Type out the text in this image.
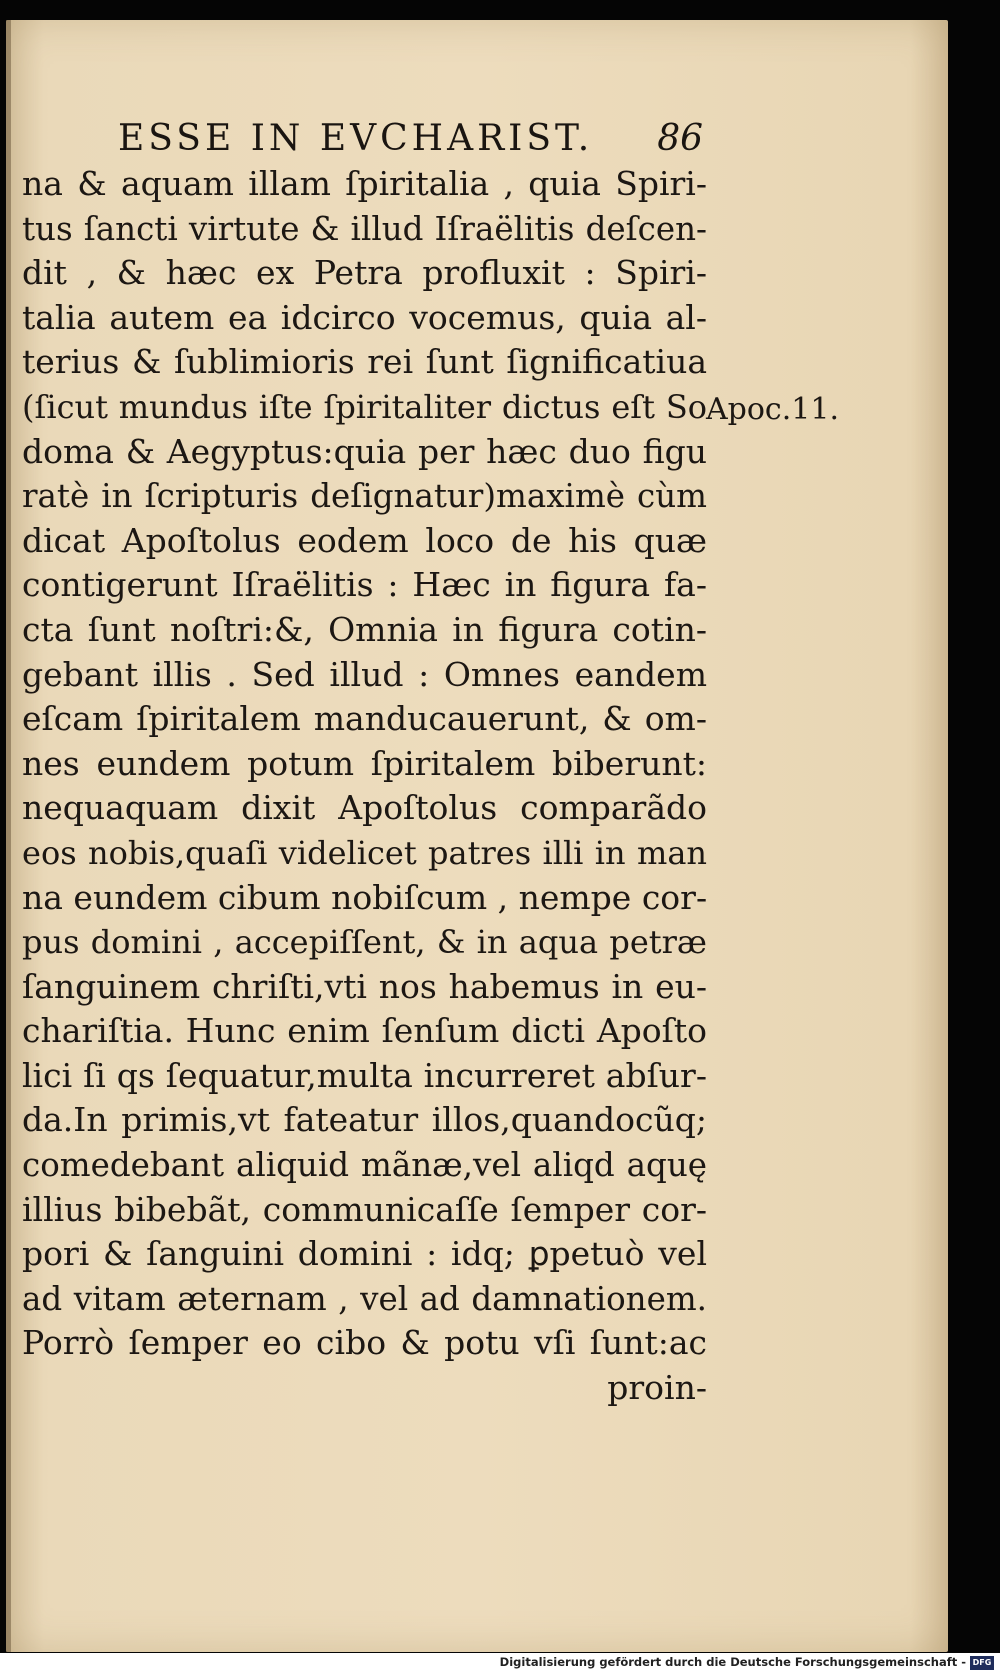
ESSE IN EVCHARIST. 86
na & aquam illam ſpiritalia , quia Spiri-
tus ſancti virtute & illud Iſraëlitis deſcen-
dit , & hæc ex Petra profluxit : Spiri-
talia autem ea idcirco vocemus, quia al-
terius & ſublimioris rei ſunt ſignificatiua
(ſicut mundus iſte ſpiritaliter dictus eſt So
doma & Aegyptus:quia per hæc duo figu
ratè in ſcripturis deſignatur)maximè cùm
dicat Apoſtolus eodem loco de his quæ
contigerunt Iſraëlitis : Hæc in figura fa-
cta ſunt noſtri:&, Omnia in figura cotin-
gebant illis . Sed illud : Omnes eandem
eſcam ſpiritalem manducauerunt, & om-
nes eundem potum ſpiritalem biberunt:
nequaquam dixit Apoſtolus comparãdo
eos nobis,quaſi videlicet patres illi in man
na eundem cibum nobiſcum , nempe cor-
pus domini , accepiſſent, & in aqua petræ
ſanguinem chriſti,vti nos habemus in eu-
chariſtia. Hunc enim ſenſum dicti Apoſto
lici ſi qs ſequatur,multa incurreret abſur-
da.In primis,vt fateatur illos,quandocũq;
comedebant aliquid mãnæ,vel aliqd aquę
illius bibebãt, communicaſſe ſemper cor-
pori & ſanguini domini : idq; ꝑpetuò vel
ad vitam æternam , vel ad damnationem.
Porrò ſemper eo cibo & potu vſi ſunt:ac
proin-
Apoc.11.
Digitalisierung gefördert durch die Deutsche Forschungsgemeinschaft - DFG
